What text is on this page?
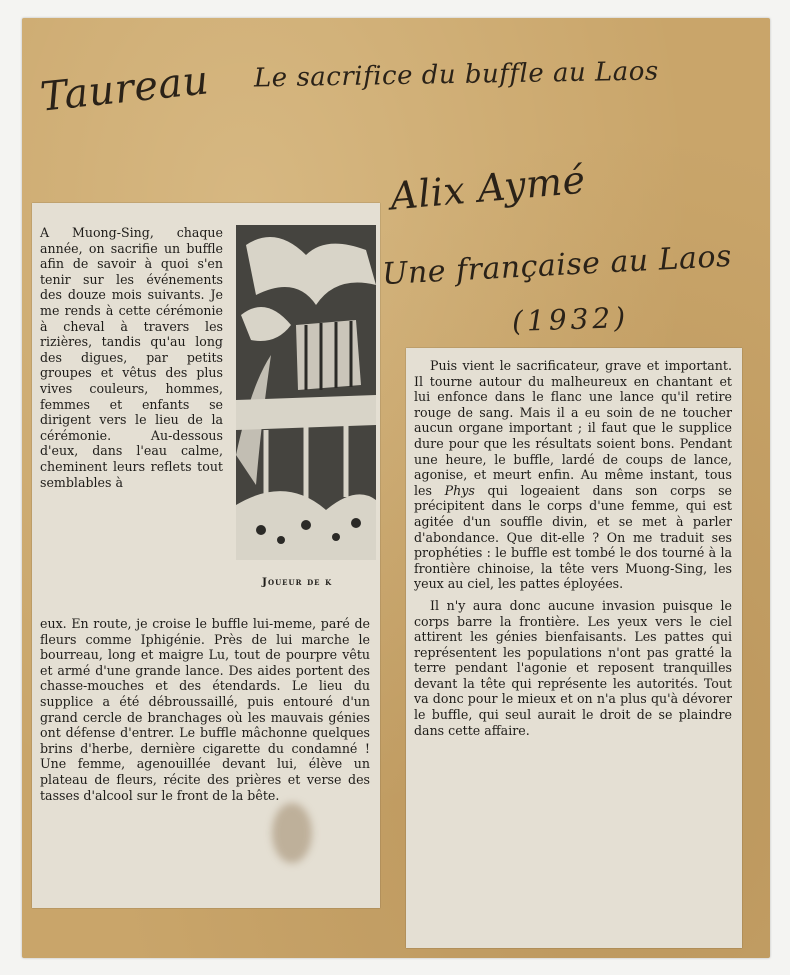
Taureau Le sacrifice du buffle au Laos
Alix Aymé
Une française au Laos
(1932)

A Muong-Sing, chaque année, on sacrifie un buffle afin de savoir à quoi s'en tenir sur les événements des douze mois suivants. Je me rends à cette cérémonie à cheval à travers les rizières, tandis qu'au long des digues, par petits groupes et vêtus des plus vives couleurs, hommes, femmes et enfants se dirigent vers le lieu de la cérémonie. Au-dessous d'eux, dans l'eau calme, cheminent leurs reflets tout semblables à

Joueur de k

eux. En route, je croise le buffle lui-meme, paré de fleurs comme Iphigénie. Près de lui marche le bourreau, long et maigre Lu, tout de pourpre vêtu et armé d'une grande lance. Des aides portent des chasse-mouches et des étendards. Le lieu du supplice a été débroussaillé, puis entouré d'un grand cercle de branchages où les mauvais génies ont défense d'entrer. Le buffle mâchonne quelques brins d'herbe, dernière cigarette du condamné ! Une femme, agenouillée devant lui, élève un plateau de fleurs, récite des prières et verse des tasses d'alcool sur le front de la bête.

Puis vient le sacrificateur, grave et important. Il tourne autour du malheureux en chantant et lui enfonce dans le flanc une lance qu'il retire rouge de sang. Mais il a eu soin de ne toucher aucun organe important ; il faut que le supplice dure pour que les résultats soient bons. Pendant une heure, le buffle, lardé de coups de lance, agonise, et meurt enfin. Au même instant, tous les Phys qui logeaient dans son corps se précipitent dans le corps d'une femme, qui est agitée d'un souffle divin, et se met à parler d'abondance. Que dit-elle ? On me traduit ses prophéties : le buffle est tombé le dos tourné à la frontière chinoise, la tête vers Muong-Sing, les yeux au ciel, les pattes éployées.

Il n'y aura donc aucune invasion puisque le corps barre la frontière. Les yeux vers le ciel attirent les génies bienfaisants. Les pattes qui représentent les populations n'ont pas gratté la terre pendant l'agonie et reposent tranquilles devant la tête qui représente les autorités. Tout va donc pour le mieux et on n'a plus qu'à dévorer le buffle, qui seul aurait le droit de se plaindre dans cette affaire.
